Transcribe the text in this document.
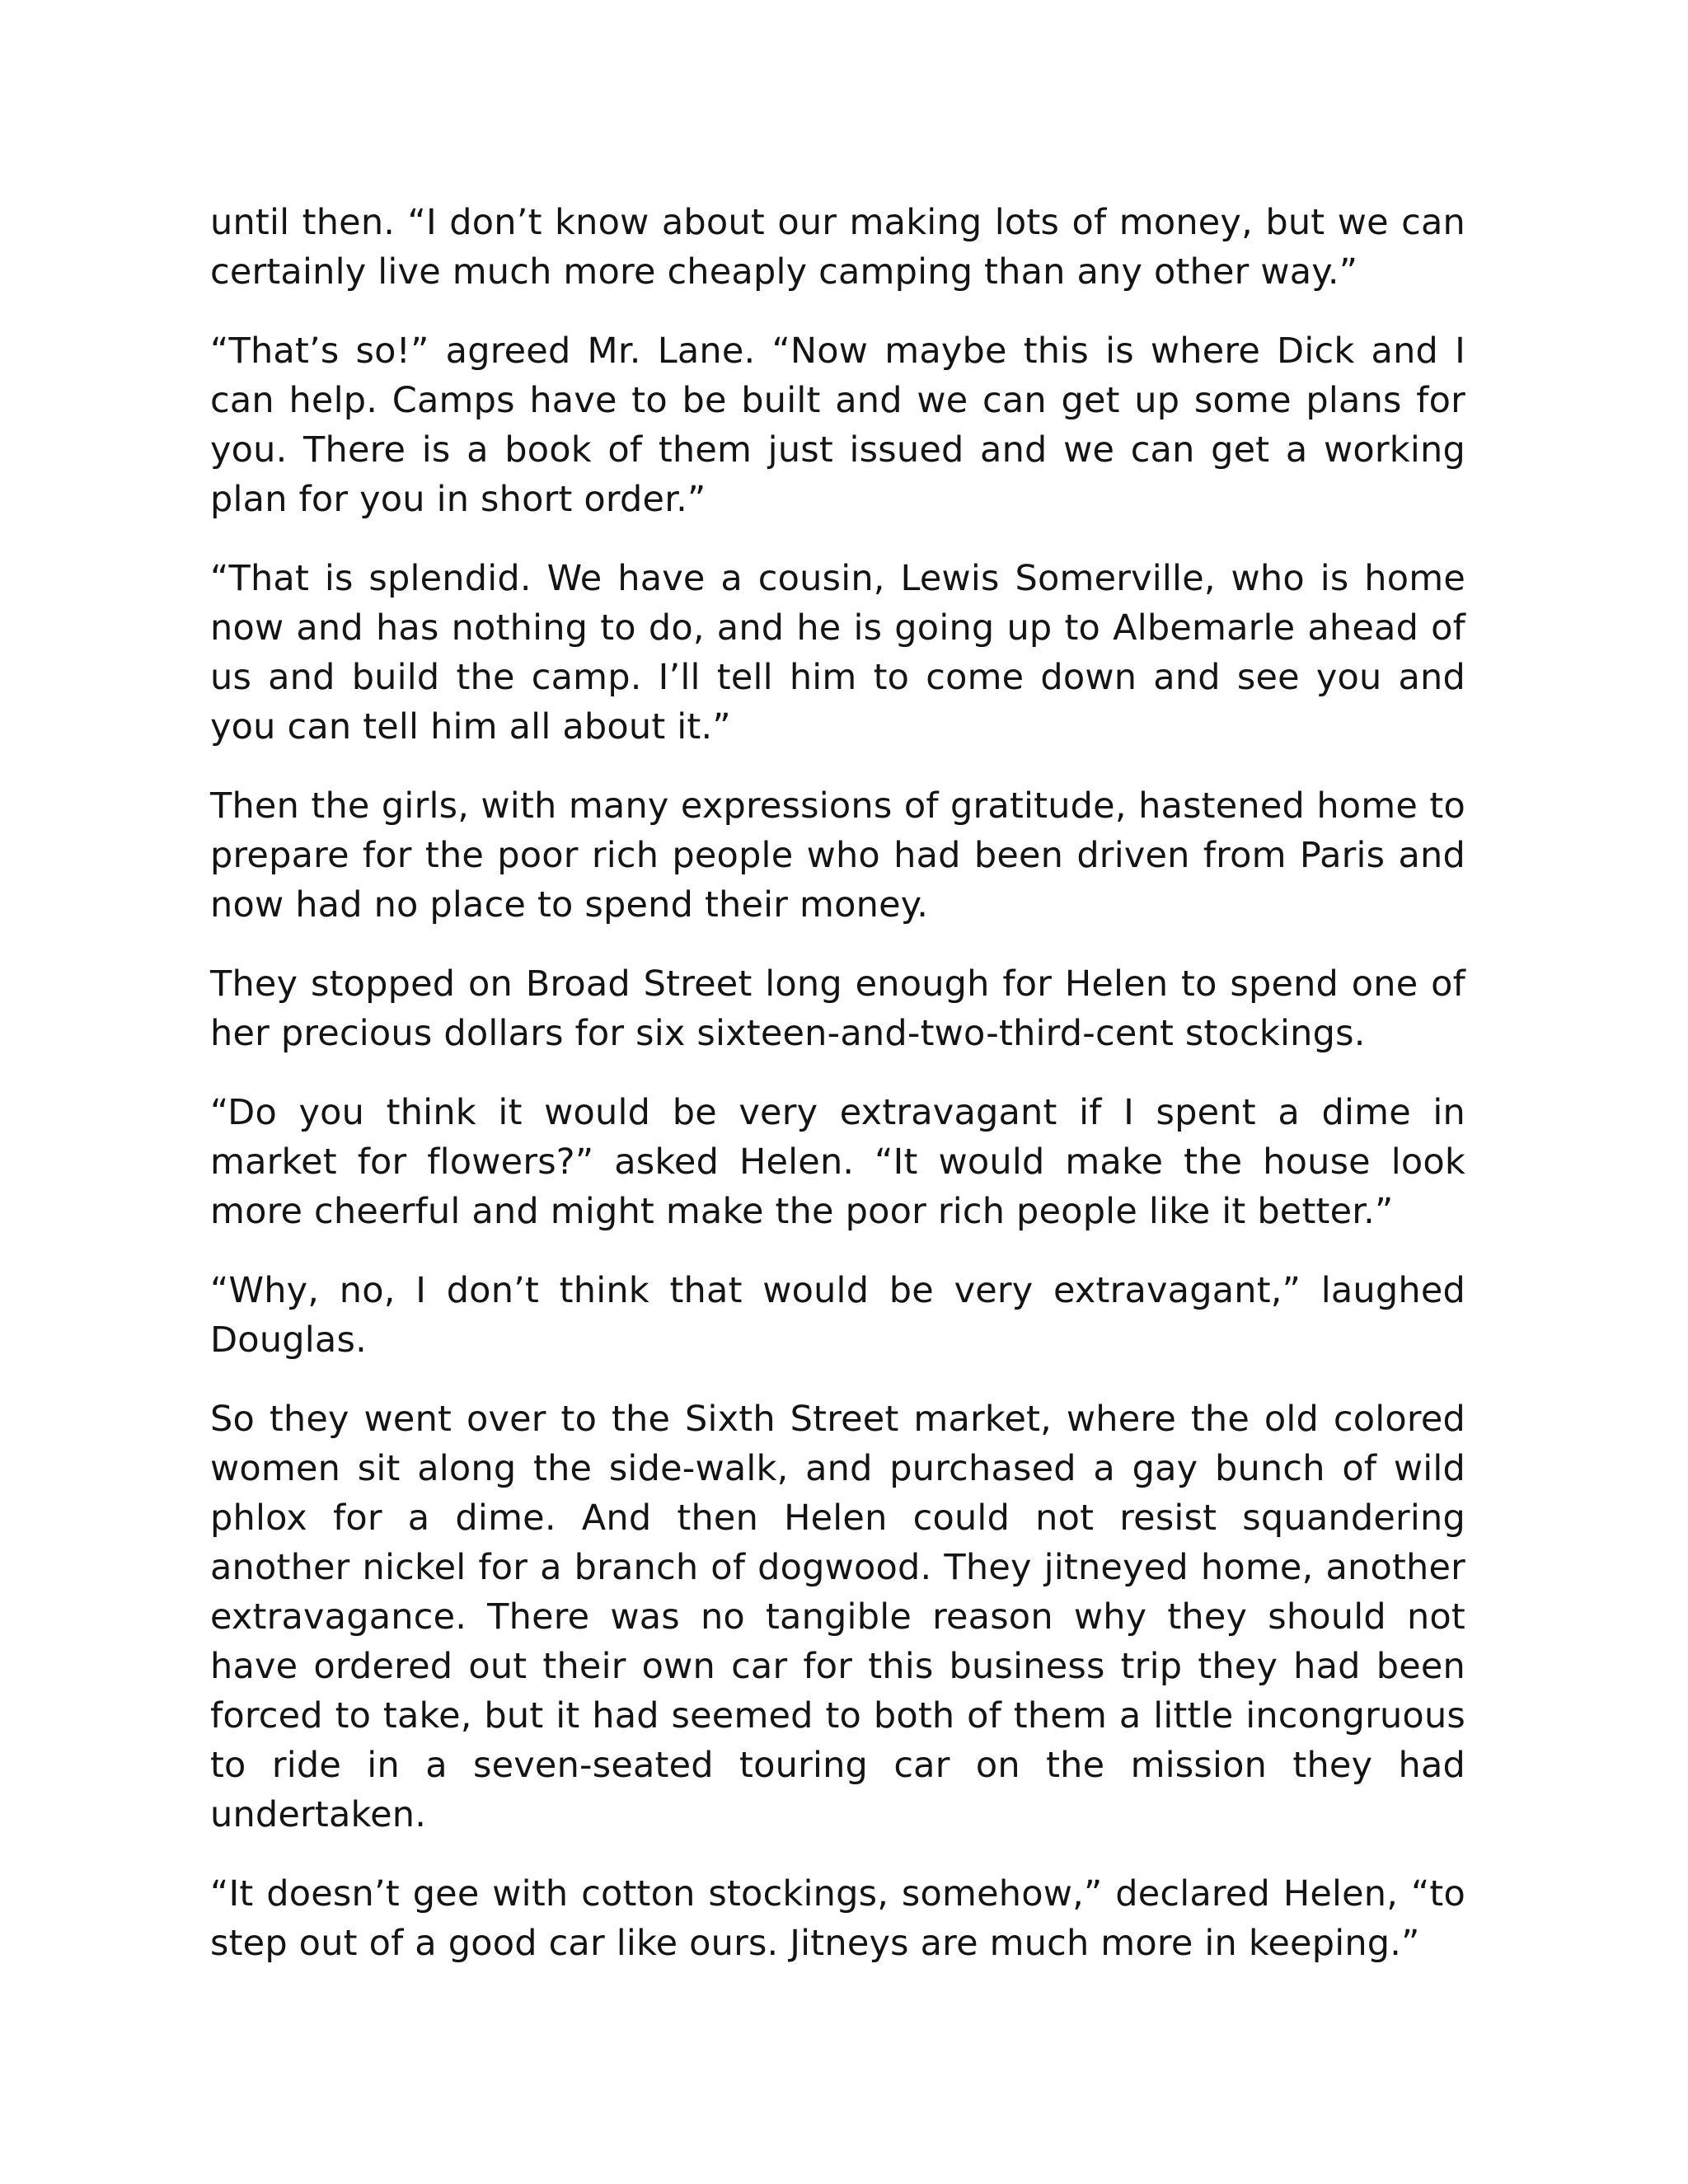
until then. “I don’t know about our making lots of money, but we can certainly live much more cheaply camping than any other way.”

“That’s so!” agreed Mr. Lane. “Now maybe this is where Dick and I can help. Camps have to be built and we can get up some plans for you. There is a book of them just issued and we can get a working plan for you in short order.”

“That is splendid. We have a cousin, Lewis Somerville, who is home now and has nothing to do, and he is going up to Albemarle ahead of us and build the camp. I’ll tell him to come down and see you and you can tell him all about it.”

Then the girls, with many expressions of gratitude, hastened home to prepare for the poor rich people who had been driven from Paris and now had no place to spend their money.

They stopped on Broad Street long enough for Helen to spend one of her precious dollars for six sixteen-and-two-third-cent stockings.

“Do you think it would be very extravagant if I spent a dime in market for flowers?” asked Helen. “It would make the house look more cheerful and might make the poor rich people like it better.”

“Why, no, I don’t think that would be very extravagant,” laughed Douglas.

So they went over to the Sixth Street market, where the old colored women sit along the side-walk, and purchased a gay bunch of wild phlox for a dime. And then Helen could not resist squandering another nickel for a branch of dogwood. They jitneyed home, another extravagance. There was no tangible reason why they should not have ordered out their own car for this business trip they had been forced to take, but it had seemed to both of them a little incongruous to ride in a seven-seated touring car on the mission they had undertaken.

“It doesn’t gee with cotton stockings, somehow,” declared Helen, “to step out of a good car like ours. Jitneys are much more in keeping.”
